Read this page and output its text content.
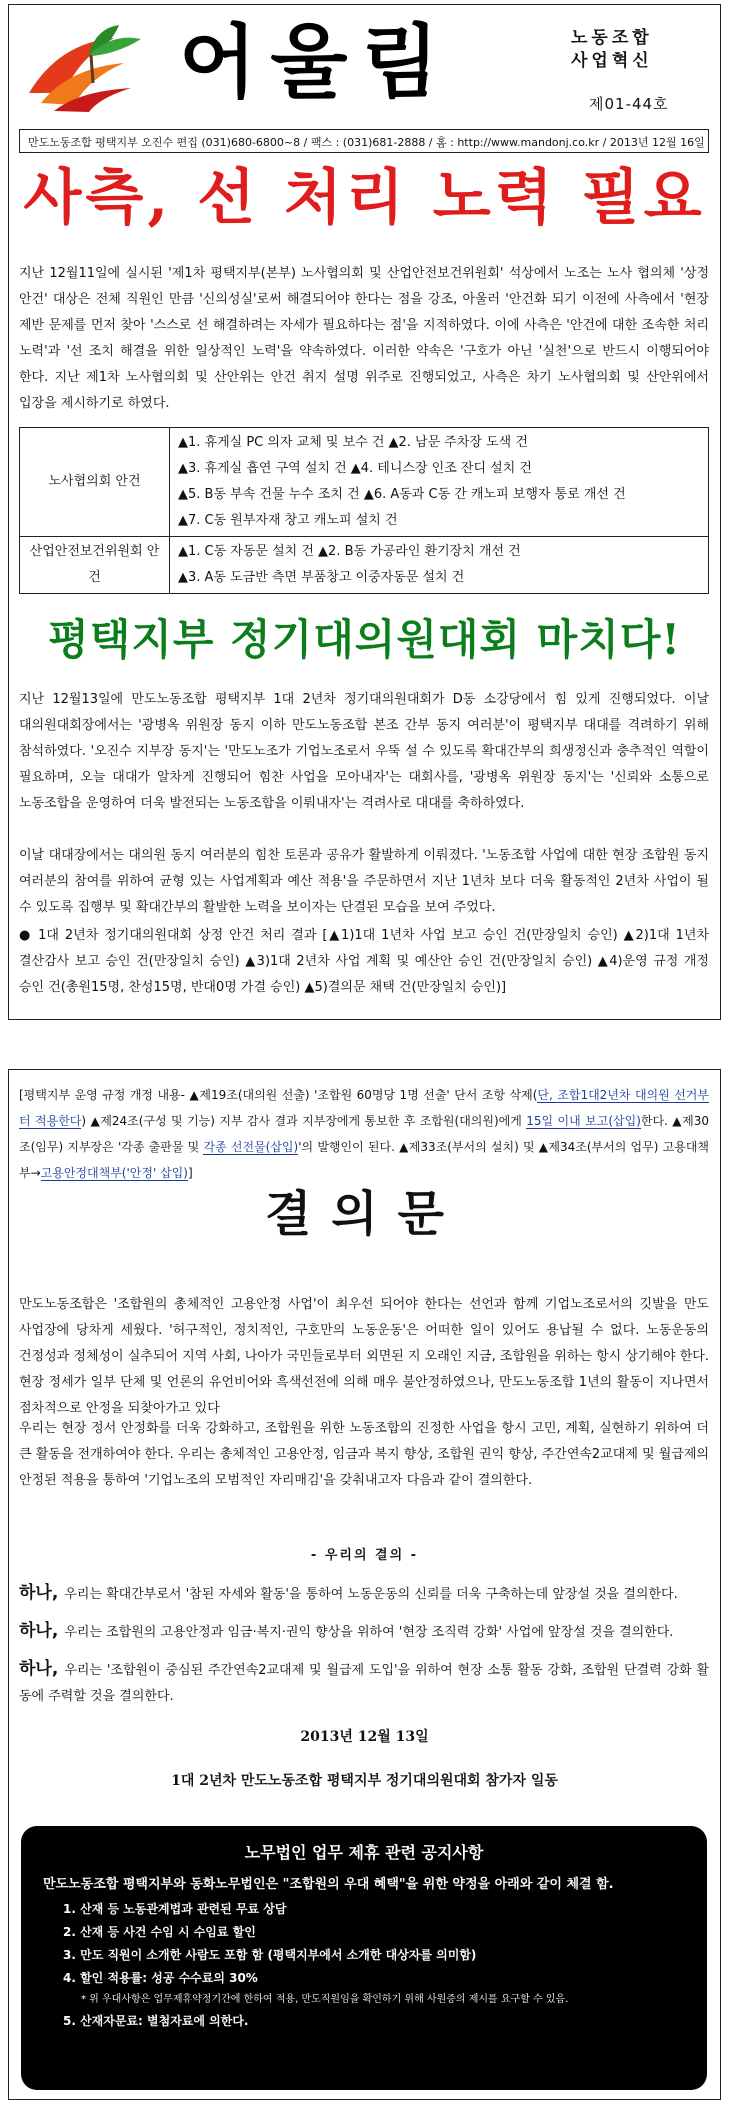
어울림	노동조합
사업혁신
제01-44호
만도노동조합 평택지부 오진수 편집 (031)680-6800~8 / 팩스 : (031)681-2888 / 홈 : http://www.mandonj.co.kr / 2013년 12월 16일
사측, 선 처리 노력 필요
지난 12월11일에 실시된 '제1차 평택지부(본부) 노사협의회 및 산업안전보건위원회' 석상에서 노조는 노사 협의체 '상정 안건' 대상은 전체 직원인 만큼 '신의성실'로써 해결되어야 한다는 점을 강조, 아울러 '안건화 되기 이전에 사측에서 '현장 제반 문제를 먼저 찾아 '스스로 선 해결하려는 자세가 필요하다는 점'을 지적하였다. 이에 사측은 '안건에 대한 조속한 처리 노력'과 '선 조치 해결을 위한 일상적인 노력'을 약속하였다. 이러한 약속은 '구호가 아닌 '실천'으로 반드시 이행되어야 한다. 지난 제1차 노사협의회 및 산안위는 안건 취지 설명 위주로 진행되었고, 사측은 차기 노사협의회 및 산안위에서 입장을 제시하기로 하였다.
노사협의회 안건	▲1. 휴게실 PC 의자 교체 및 보수 건 ▲2. 남문 주차장 도색 건
▲3. 휴게실 흡연 구역 설치 건 ▲4. 테니스장 인조 잔디 설치 건
▲5. B동 부속 건물 누수 조치 건 ▲6. A동과 C동 간 캐노피 보행자 통로 개선 건
▲7. C동 원부자재 창고 캐노피 설치 건

산업안전보건위원회 안건	▲1. C동 자동문 설치 건 ▲2. B동 가공라인 환기장치 개선 건
▲3. A동 도금반 측면 부품창고 이중자동문 설치 건
평택지부 정기대의원대회 마치다!
지난 12월13일에 만도노동조합 평택지부 1대 2년차 정기대의원대회가 D동 소강당에서 힘 있게 진행되었다. 이날 대의원대회장에서는 '광병옥 위원장 동지 이하 만도노동조합 본조 간부 동지 여러분'이 평택지부 대대를 격려하기 위해 참석하였다. '오진수 지부장 동지'는 '만도노조가 기업노조로서 우뚝 설 수 있도록 확대간부의 희생정신과 충추적인 역할이 필요하며, 오늘 대대가 알차게 진행되어 힘찬 사업을 모아내자'는 대회사를, '광병옥 위원장 동지'는 '신뢰와 소통으로 노동조합을 운영하여 더욱 발전되는 노동조합을 이뤄내자'는 격려사로 대대를 축하하였다.
이날 대대장에서는 대의원 동지 여러분의 힘찬 토론과 공유가 활발하게 이뤄졌다. '노동조합 사업에 대한 현장 조합원 동지 여러분의 참여를 위하여 균형 있는 사업계획과 예산 적용'을 주문하면서 지난 1년차 보다 더욱 활동적인 2년차 사업이 될 수 있도록 집행부 및 확대간부의 활발한 노력을 보이자는 단결된 모습을 보여 주었다.
● 1대 2년차 정기대의원대회 상정 안건 처리 결과 [▲1)1대 1년차 사업 보고 승인 건(만장일치 승인) ▲2)1대 1년차 결산감사 보고 승인 건(만장일치 승인) ▲3)1대 2년차 사업 계획 및 예산안 승인 건(만장일치 승인) ▲4)운영 규정 개정 승인 건(총원15명, 찬성15명, 반대0명 가결 승인) ▲5)결의문 채택 건(만장일치 승인)]
[평택지부 운영 규정 개정 내용- ▲제19조(대의원 선출) '조합원 60명당 1명 선출' 단서 조항 삭제(단, 조합1대2년차 대의원 선거부터 적용한다) ▲제24조(구성 및 기능) 지부 감사 결과 지부장에게 통보한 후 조합원(대의원)에게 15일 이내 보고(삽입)한다. ▲제30조(임무) 지부장은 '각종 출판물 및 각종 선전물(삽입)'의 발행인이 된다. ▲제33조(부서의 설치) 및 ▲제34조(부서의 업무) 고용대책부→고용안정대책부('안정' 삽입)]
결의문
만도노동조합은 '조합원의 총체적인 고용안정 사업'이 최우선 되어야 한다는 선언과 함께 기업노조로서의 깃발을 만도 사업장에 당차게 세웠다. '허구적인, 정치적인, 구호만의 노동운동'은 어떠한 일이 있어도 용납될 수 없다. 노동운동의 건정성과 정체성이 실추되어 지역 사회, 나아가 국민들로부터 외면된 지 오래인 지금, 조합원을 위하는 항시 상기해야 한다. 현장 정세가 일부 단체 및 언론의 유언비어와 흑색선전에 의해 매우 불안정하였으나, 만도노동조합 1년의 활동이 지나면서 점차적으로 안정을 되찾아가고 있다
우리는 현장 정서 안정화를 더욱 강화하고, 조합원을 위한 노동조합의 진정한 사업을 항시 고민, 계획, 실현하기 위하여 더 큰 활동을 전개하여야 한다. 우리는 총체적인 고용안정, 임금과 복지 향상, 조합원 권익 향상, 주간연속2교대제 및 월급제의 안정된 적용을 통하여 '기업노조의 모범적인 자리매김'을 갖춰내고자 다음과 같이 결의한다.
- 우리의 결의 -
하나, 우리는 확대간부로서 '참된 자세와 활동'을 통하여 노동운동의 신뢰를 더욱 구축하는데 앞장설 것을 결의한다.
하나, 우리는 조합원의 고용안정과 임금·복지·권익 향상을 위하여 '현장 조직력 강화' 사업에 앞장설 것을 결의한다.
하나, 우리는 '조합원이 중심된 주간연속2교대제 및 월급제 도입'을 위하여 현장 소통 활동 강화, 조합원 단결력 강화 활동에 주력할 것을 결의한다.
2013년 12월 13일
1대 2년차 만도노동조합 평택지부 정기대의원대회 참가자 일동
노무법인 업무 제휴 관련 공지사항
만도노동조합 평택지부와 동화노무법인은 "조합원의 우대 혜택"을 위한 약정을 아래와 같이 체결 함.
1. 산재 등 노동관계법과 관련된 무료 상담
2. 산재 등 사건 수임 시 수임료 할인
3. 만도 직원이 소개한 사람도 포함 함 (평택지부에서 소개한 대상자를 의미함)
4. 할인 적용률: 성공 수수료의 30%
* 위 우대사항은 업무제휴약정기간에 한하여 적용, 만도직원임을 확인하기 위해 사원증의 제시를 요구할 수 있음.
5. 산재자문료: 별첨자료에 의한다.
